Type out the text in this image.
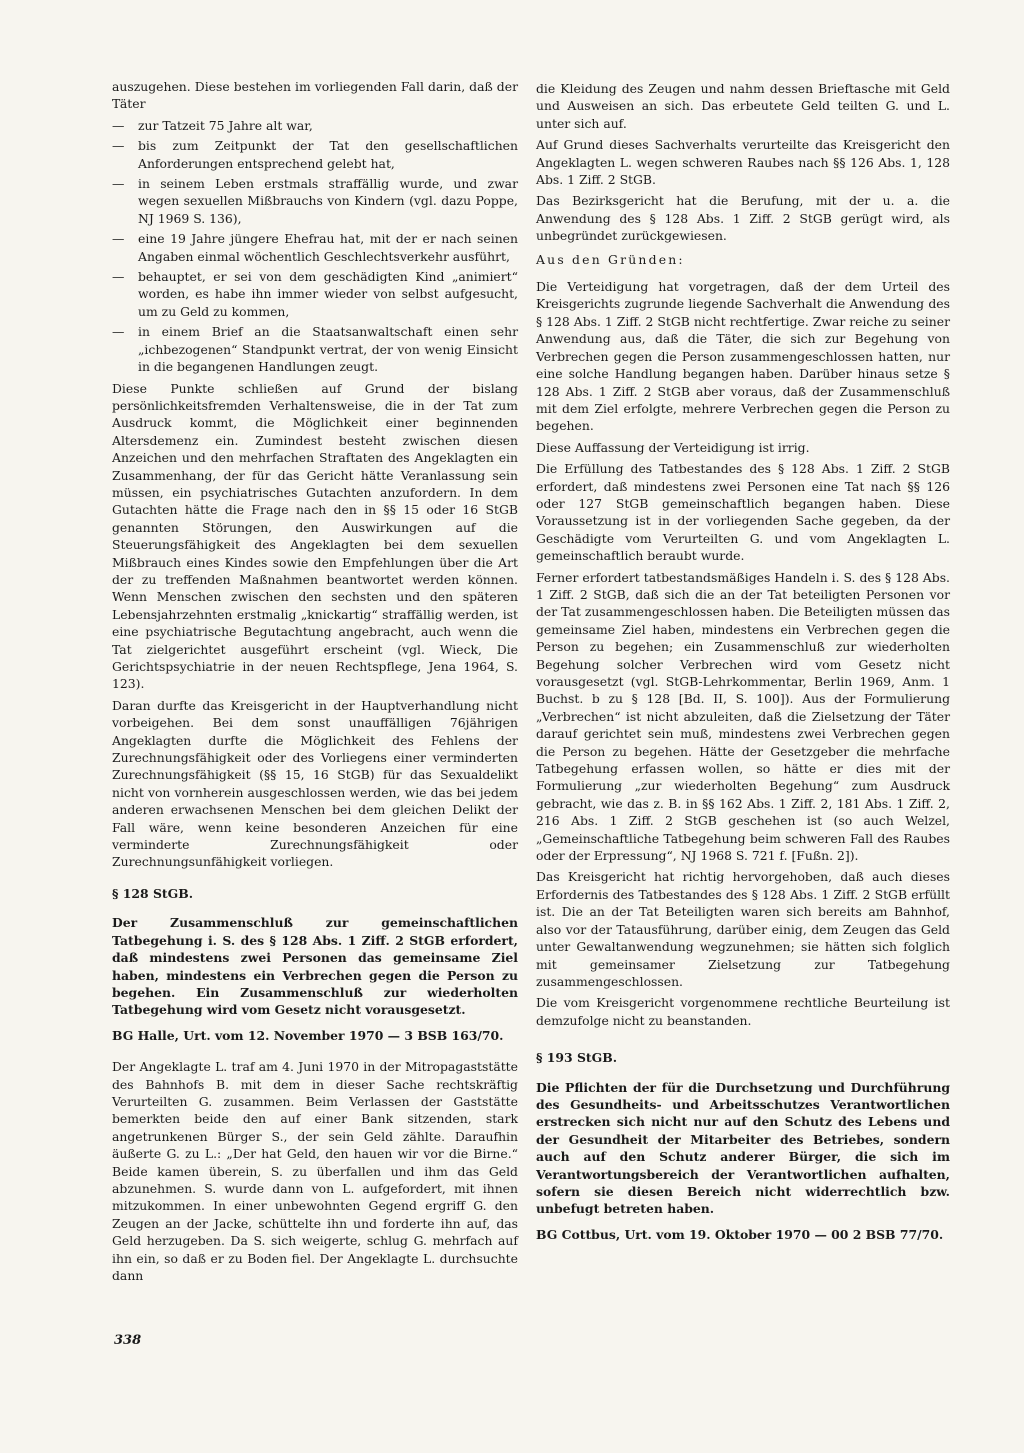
auszugehen. Diese bestehen im vorliegenden Fall darin, daß der Täter

— zur Tatzeit 75 Jahre alt war,
— bis zum Zeitpunkt der Tat den gesellschaftlichen Anforderungen entsprechend gelebt hat,
— in seinem Leben erstmals straffällig wurde, und zwar wegen sexuellen Mißbrauchs von Kindern (vgl. dazu Poppe, NJ 1969 S. 136),
— eine 19 Jahre jüngere Ehefrau hat, mit der er nach seinen Angaben einmal wöchentlich Geschlechtsverkehr ausführt,
— behauptet, er sei von dem geschädigten Kind „animiert“ worden, es habe ihn immer wieder von selbst aufgesucht, um zu Geld zu kommen,
— in einem Brief an die Staatsanwaltschaft einen sehr „ichbezogenen“ Standpunkt vertrat, der von wenig Einsicht in die begangenen Handlungen zeugt.

Diese Punkte schließen auf Grund der bislang persönlichkeitsfremden Verhaltensweise, die in der Tat zum Ausdruck kommt, die Möglichkeit einer beginnenden Altersdemenz ein. Zumindest besteht zwischen diesen Anzeichen und den mehrfachen Straftaten des Angeklagten ein Zusammenhang, der für das Gericht hätte Veranlassung sein müssen, ein psychiatrisches Gutachten anzufordern. In dem Gutachten hätte die Frage nach den in §§ 15 oder 16 StGB genannten Störungen, den Auswirkungen auf die Steuerungsfähigkeit des Angeklagten bei dem sexuellen Mißbrauch eines Kindes sowie den Empfehlungen über die Art der zu treffenden Maßnahmen beantwortet werden können. Wenn Menschen zwischen den sechsten und den späteren Lebensjahrzehnten erstmalig „knickartig“ straffällig werden, ist eine psychiatrische Begutachtung angebracht, auch wenn die Tat zielgerichtet ausgeführt erscheint (vgl. Wieck, Die Gerichtspsychiatrie in der neuen Rechtspflege, Jena 1964, S. 123).

Daran durfte das Kreisgericht in der Hauptverhandlung nicht vorbeigehen. Bei dem sonst unauffälligen 76jährigen Angeklagten durfte die Möglichkeit des Fehlens der Zurechnungsfähigkeit oder des Vorliegens einer verminderten Zurechnungsfähigkeit (§§ 15, 16 StGB) für das Sexualdelikt nicht von vornherein ausgeschlossen werden, wie das bei jedem anderen erwachsenen Menschen bei dem gleichen Delikt der Fall wäre, wenn keine besonderen Anzeichen für eine verminderte Zurechnungsfähigkeit oder Zurechnungsunfähigkeit vorliegen.

§ 128 StGB.

Der Zusammenschluß zur gemeinschaftlichen Tatbegehung i. S. des § 128 Abs. 1 Ziff. 2 StGB erfordert, daß mindestens zwei Personen das gemeinsame Ziel haben, mindestens ein Verbrechen gegen die Person zu begehen. Ein Zusammenschluß zur wiederholten Tatbegehung wird vom Gesetz nicht vorausgesetzt.

BG Halle, Urt. vom 12. November 1970 — 3 BSB 163/70.

Der Angeklagte L. traf am 4. Juni 1970 in der Mitropagaststätte des Bahnhofs B. mit dem in dieser Sache rechtskräftig Verurteilten G. zusammen. Beim Verlassen der Gaststätte bemerkten beide den auf einer Bank sitzenden, stark angetrunkenen Bürger S., der sein Geld zählte. Daraufhin äußerte G. zu L.: „Der hat Geld, den hauen wir vor die Birne.“ Beide kamen überein, S. zu überfallen und ihm das Geld abzunehmen. S. wurde dann von L. aufgefordert, mit ihnen mitzukommen. In einer unbewohnten Gegend ergriff G. den Zeugen an der Jacke, schüttelte ihn und forderte ihn auf, das Geld herzugeben. Da S. sich weigerte, schlug G. mehrfach auf ihn ein, so daß er zu Boden fiel. Der Angeklagte L. durchsuchte dann

die Kleidung des Zeugen und nahm dessen Brieftasche mit Geld und Ausweisen an sich. Das erbeutete Geld teilten G. und L. unter sich auf.

Auf Grund dieses Sachverhalts verurteilte das Kreisgericht den Angeklagten L. wegen schweren Raubes nach §§ 126 Abs. 1, 128 Abs. 1 Ziff. 2 StGB.

Das Bezirksgericht hat die Berufung, mit der u. a. die Anwendung des § 128 Abs. 1 Ziff. 2 StGB gerügt wird, als unbegründet zurückgewiesen.

Aus den Gründen:

Die Verteidigung hat vorgetragen, daß der dem Urteil des Kreisgerichts zugrunde liegende Sachverhalt die Anwendung des § 128 Abs. 1 Ziff. 2 StGB nicht rechtfertige. Zwar reiche zu seiner Anwendung aus, daß die Täter, die sich zur Begehung von Verbrechen gegen die Person zusammengeschlossen hatten, nur eine solche Handlung begangen haben. Darüber hinaus setze § 128 Abs. 1 Ziff. 2 StGB aber voraus, daß der Zusammenschluß mit dem Ziel erfolgte, mehrere Verbrechen gegen die Person zu begehen.

Diese Auffassung der Verteidigung ist irrig.

Die Erfüllung des Tatbestandes des § 128 Abs. 1 Ziff. 2 StGB erfordert, daß mindestens zwei Personen eine Tat nach §§ 126 oder 127 StGB gemeinschaftlich begangen haben. Diese Voraussetzung ist in der vorliegenden Sache gegeben, da der Geschädigte vom Verurteilten G. und vom Angeklagten L. gemeinschaftlich beraubt wurde.

Ferner erfordert tatbestandsmäßiges Handeln i. S. des § 128 Abs. 1 Ziff. 2 StGB, daß sich die an der Tat beteiligten Personen vor der Tat zusammengeschlossen haben. Die Beteiligten müssen das gemeinsame Ziel haben, mindestens ein Verbrechen gegen die Person zu begehen; ein Zusammenschluß zur wiederholten Begehung solcher Verbrechen wird vom Gesetz nicht vorausgesetzt (vgl. StGB-Lehrkommentar, Berlin 1969, Anm. 1 Buchst. b zu § 128 [Bd. II, S. 100]). Aus der Formulierung „Verbrechen“ ist nicht abzuleiten, daß die Zielsetzung der Täter darauf gerichtet sein muß, mindestens zwei Verbrechen gegen die Person zu begehen. Hätte der Gesetzgeber die mehrfache Tatbegehung erfassen wollen, so hätte er dies mit der Formulierung „zur wiederholten Begehung“ zum Ausdruck gebracht, wie das z. B. in §§ 162 Abs. 1 Ziff. 2, 181 Abs. 1 Ziff. 2, 216 Abs. 1 Ziff. 2 StGB geschehen ist (so auch Welzel, „Gemeinschaftliche Tatbegehung beim schweren Fall des Raubes oder der Erpressung“, NJ 1968 S. 721 f. [Fußn. 2]).

Das Kreisgericht hat richtig hervorgehoben, daß auch dieses Erfordernis des Tatbestandes des § 128 Abs. 1 Ziff. 2 StGB erfüllt ist. Die an der Tat Beteiligten waren sich bereits am Bahnhof, also vor der Tatausführung, darüber einig, dem Zeugen das Geld unter Gewaltanwendung wegzunehmen; sie hätten sich folglich mit gemeinsamer Zielsetzung zur Tatbegehung zusammengeschlossen.

Die vom Kreisgericht vorgenommene rechtliche Beurteilung ist demzufolge nicht zu beanstanden.

§ 193 StGB.

Die Pflichten der für die Durchsetzung und Durchführung des Gesundheits- und Arbeitsschutzes Verantwortlichen erstrecken sich nicht nur auf den Schutz des Lebens und der Gesundheit der Mitarbeiter des Betriebes, sondern auch auf den Schutz anderer Bürger, die sich im Verantwortungsbereich der Verantwortlichen aufhalten, sofern sie diesen Bereich nicht widerrechtlich bzw. unbefugt betreten haben.

BG Cottbus, Urt. vom 19. Oktober 1970 — 00 2 BSB 77/70.

338
